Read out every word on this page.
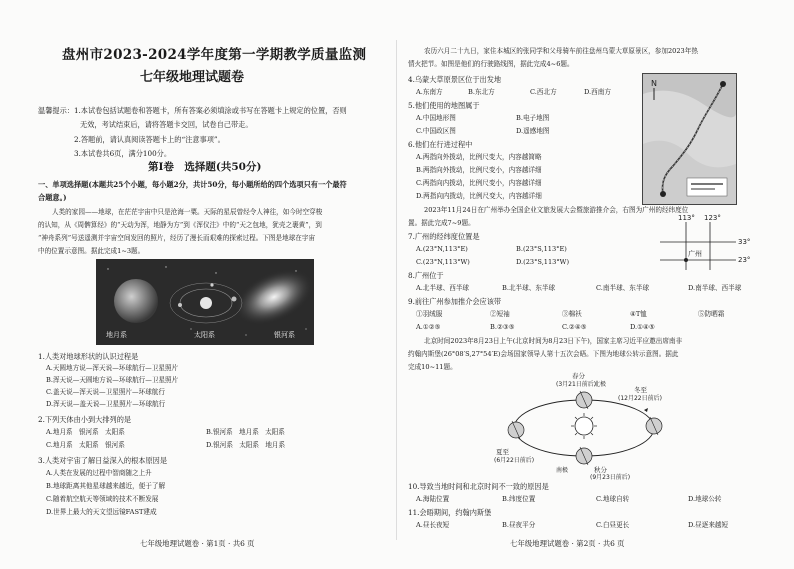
盘州市2023-2024学年度第一学期教学质量监测
七年级地理试题卷
温馨提示：1.本试卷包括试题卷和答题卡，所有答案必须填涂或书写在答题卡上规定的位置，否则
无效，考试结束后，请将答题卡交回，试卷自己带走。
2.答题前，请认真阅读答题卡上的“注意事项”。
3.本试卷共6页，满分100分。
第Ⅰ卷　选择题(共50分)
一、单项选择题(本题共25个小题，每小题2分，共计50分，每小题所给的四个选项只有一个最符
合题意。)
人类的家园——地球，在茫茫宇宙中只是沧海一粟。天际的星辰曾经令人神往，如今时空穿梭
的认知，从《周髀算经》的“天动为浑，地静为方”到《浑仪注》中的“天之包地，犹壳之裹黄”，到
“神舟系列”号送遥测并宇宙空间发回的照片，经历了漫长而艰难的探索过程。下图是地球在宇宙
中的位置示意图。据此完成1~3题。
地月系	太阳系	银河系
1.人类对地球形状的认识过程是
A.天圆地方说—浑天说—环球航行—卫星照片
B.浑天说—天圆地方说—环球航行—卫星照片
C.盖天说—浑天说—卫星照片—环球航行
D.浑天说—盖天说—卫星照片—环球航行
2.下列天体由小到大排列的是
A.地月系 银河系 太阳系	B.银河系 地月系 太阳系
C.地月系 太阳系 银河系	D.银河系 太阳系 地月系
3.人类对宇宙了解日益深入的根本原因是
A.人类在发展的过程中智商随之上升
B.地球距离其他星球越来越近，便于了解
C.随着航空航天等领域的技术不断发展
D.世界上最大的天文望远镜FAST建成
七年级地理试题卷 · 第1页 · 共6 页
农历六月二十九日，家住本城区的张同学和父母骑车前往盘州乌蒙大草原景区，参加2023年热
情火把节。如图是他们的行驶路线图，据此完成4~6题。
N
4.乌蒙大草原景区位于出发地
A.东南方	B.东北方	C.西北方	D.西南方
5.他们使用的地图属于
A.中国地形图	B.电子地图
C.中国政区图	D.遥感地图
6.他们在行进过程中
A.两指向外拨动，比例尺变大，内容越简略
B.两指向外拨动，比例尺变小，内容越详细
C.两指向内拨动，比例尺变小，内容越详细
D.两指向内拨动，比例尺变大，内容越详细
2023年11月24日在广州举办全国企业文旅发展大会暨旅游推介会，右图为广州的经纬度位
置。据此完成7~9题。
113° 123°
33°
23°
广州
7.广州的经纬度位置是
A.(23°N,113°E)	B.(23°S,113°E)
C.(23°N,113°W)	D.(23°S,113°W)
8.广州位于
A.北半球、西半球	B.北半球、东半球	C.南半球、东半球	D.南半球、西半球
9.前往广州参加推介会应该带
①羽绒服	②短袖	③棉袄	④T恤	⑤防晒霜
A.①②⑤	B.②③⑤	C.②④⑤	D.①④⑤
北京时间2023年8月23日上午(北京时间为8月23日下午)，国家主席习近平应邀出席南非
约翰内斯堡(26°08′S,27°54′E)会场国家领导人第十五次会晤。下图为地球公转示意图。据此
完成10~11题。
春分
(3月21日前后)
北极
冬至
(12月22日前后)
夏至
(6月22日前后)
南极	秋分
(9月23日前后)
10.导致当地时间和北京时间不一致的原因是
A.海陆位置	B.纬度位置	C.地球自转	D.地球公转
11.会晤期间，约翰内斯堡
A.昼长夜短	B.昼夜平分	C.白昼更长	D.昼逐来越短
七年级地理试题卷 · 第2页 · 共6 页
